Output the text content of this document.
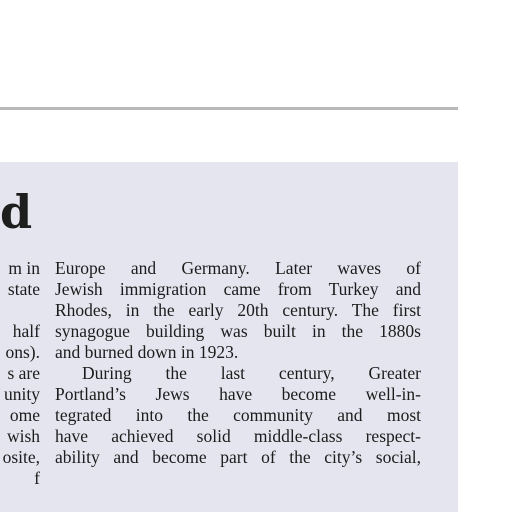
d
m in
state
half
ons).
s are
unity
ome
wish
osite,
f
Europe and Germany. Later waves of
Jewish immigration came from Turkey and
Rhodes, in the early 20th century. The first
synagogue building was built in the 1880s
and burned down in 1923.
During the last century, Greater
Portland’s Jews have become well-in-
tegrated into the community and most
have achieved solid middle-class respect-
ability and become part of the city’s social,
